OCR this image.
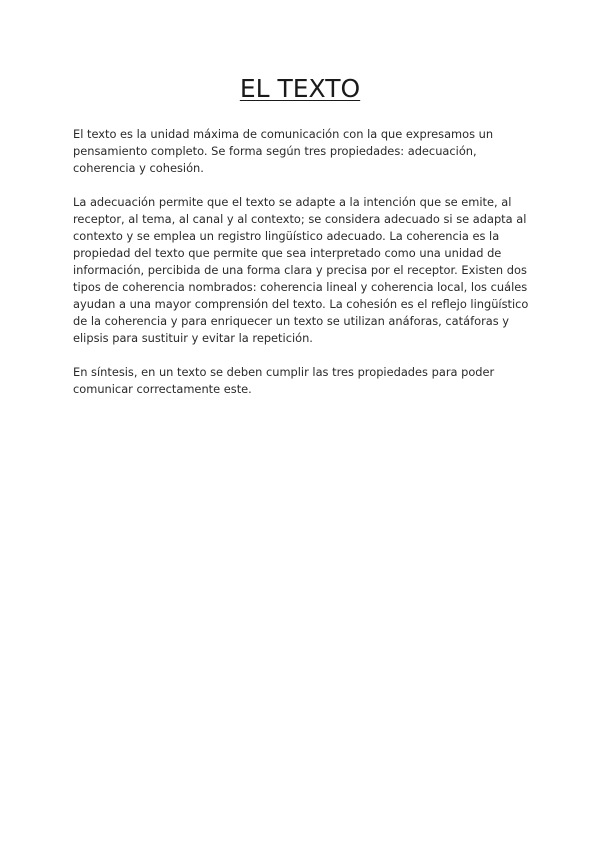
EL TEXTO

El texto es la unidad máxima de comunicación con la que expresamos un pensamiento completo. Se forma según tres propiedades: adecuación, coherencia y cohesión.

La adecuación permite que el texto se adapte a la intención que se emite, al receptor, al tema, al canal y al contexto; se considera adecuado si se adapta al contexto y se emplea un registro lingüístico adecuado. La coherencia es la propiedad del texto que permite que sea interpretado como una unidad de información, percibida de una forma clara y precisa por el receptor. Existen dos tipos de coherencia nombrados: coherencia lineal y coherencia local, los cuáles ayudan a una mayor comprensión del texto. La cohesión es el reflejo lingüístico de la coherencia y para enriquecer un texto se utilizan anáforas, catáforas y elipsis para sustituir y evitar la repetición.

En síntesis, en un texto se deben cumplir las tres propiedades para poder comunicar correctamente este.
